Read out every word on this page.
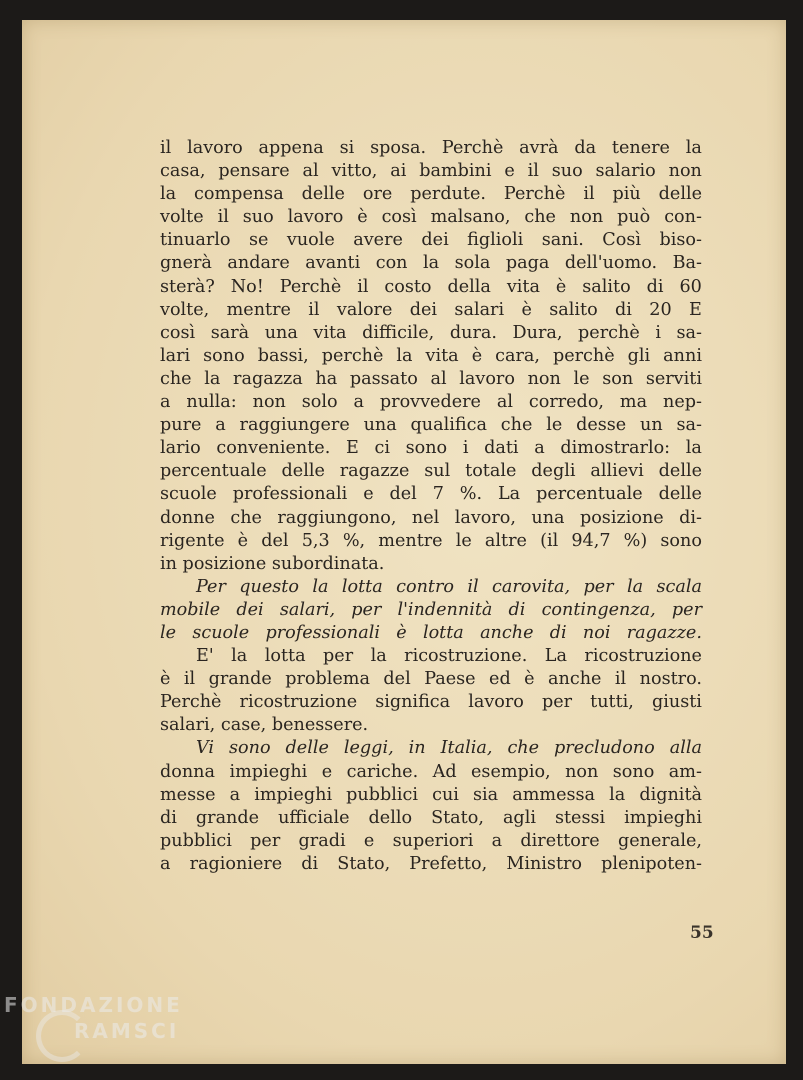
il lavoro appena si sposa. Perchè avrà da tenere la
casa, pensare al vitto, ai bambini e il suo salario non
la compensa delle ore perdute. Perchè il più delle
volte il suo lavoro è così malsano, che non può con-
tinuarlo se vuole avere dei figlioli sani. Così biso-
gnerà andare avanti con la sola paga dell'uomo. Ba-
sterà? No! Perchè il costo della vita è salito di 60
volte, mentre il valore dei salari è salito di 20 E
così sarà una vita difficile, dura. Dura, perchè i sa-
lari sono bassi, perchè la vita è cara, perchè gli anni
che la ragazza ha passato al lavoro non le son serviti
a nulla: non solo a provvedere al corredo, ma nep-
pure a raggiungere una qualifica che le desse un sa-
lario conveniente. E ci sono i dati a dimostrarlo: la
percentuale delle ragazze sul totale degli allievi delle
scuole professionali e del 7 %. La percentuale delle
donne che raggiungono, nel lavoro, una posizione di-
rigente è del 5,3 %, mentre le altre (il 94,7 %) sono
in posizione subordinata.
Per questo la lotta contro il carovita, per la scala
mobile dei salari, per l'indennità di contingenza, per
le scuole professionali è lotta anche di noi ragazze.
E' la lotta per la ricostruzione. La ricostruzione
è il grande problema del Paese ed è anche il nostro.
Perchè ricostruzione significa lavoro per tutti, giusti
salari, case, benessere.
Vi sono delle leggi, in Italia, che precludono alla
donna impieghi e cariche. Ad esempio, non sono am-
messe a impieghi pubblici cui sia ammessa la dignità
di grande ufficiale dello Stato, agli stessi impieghi
pubblici per gradi e superiori a direttore generale,
a ragioniere di Stato, Prefetto, Ministro plenipoten-
55
FONDAZIONE
RAMSCI
